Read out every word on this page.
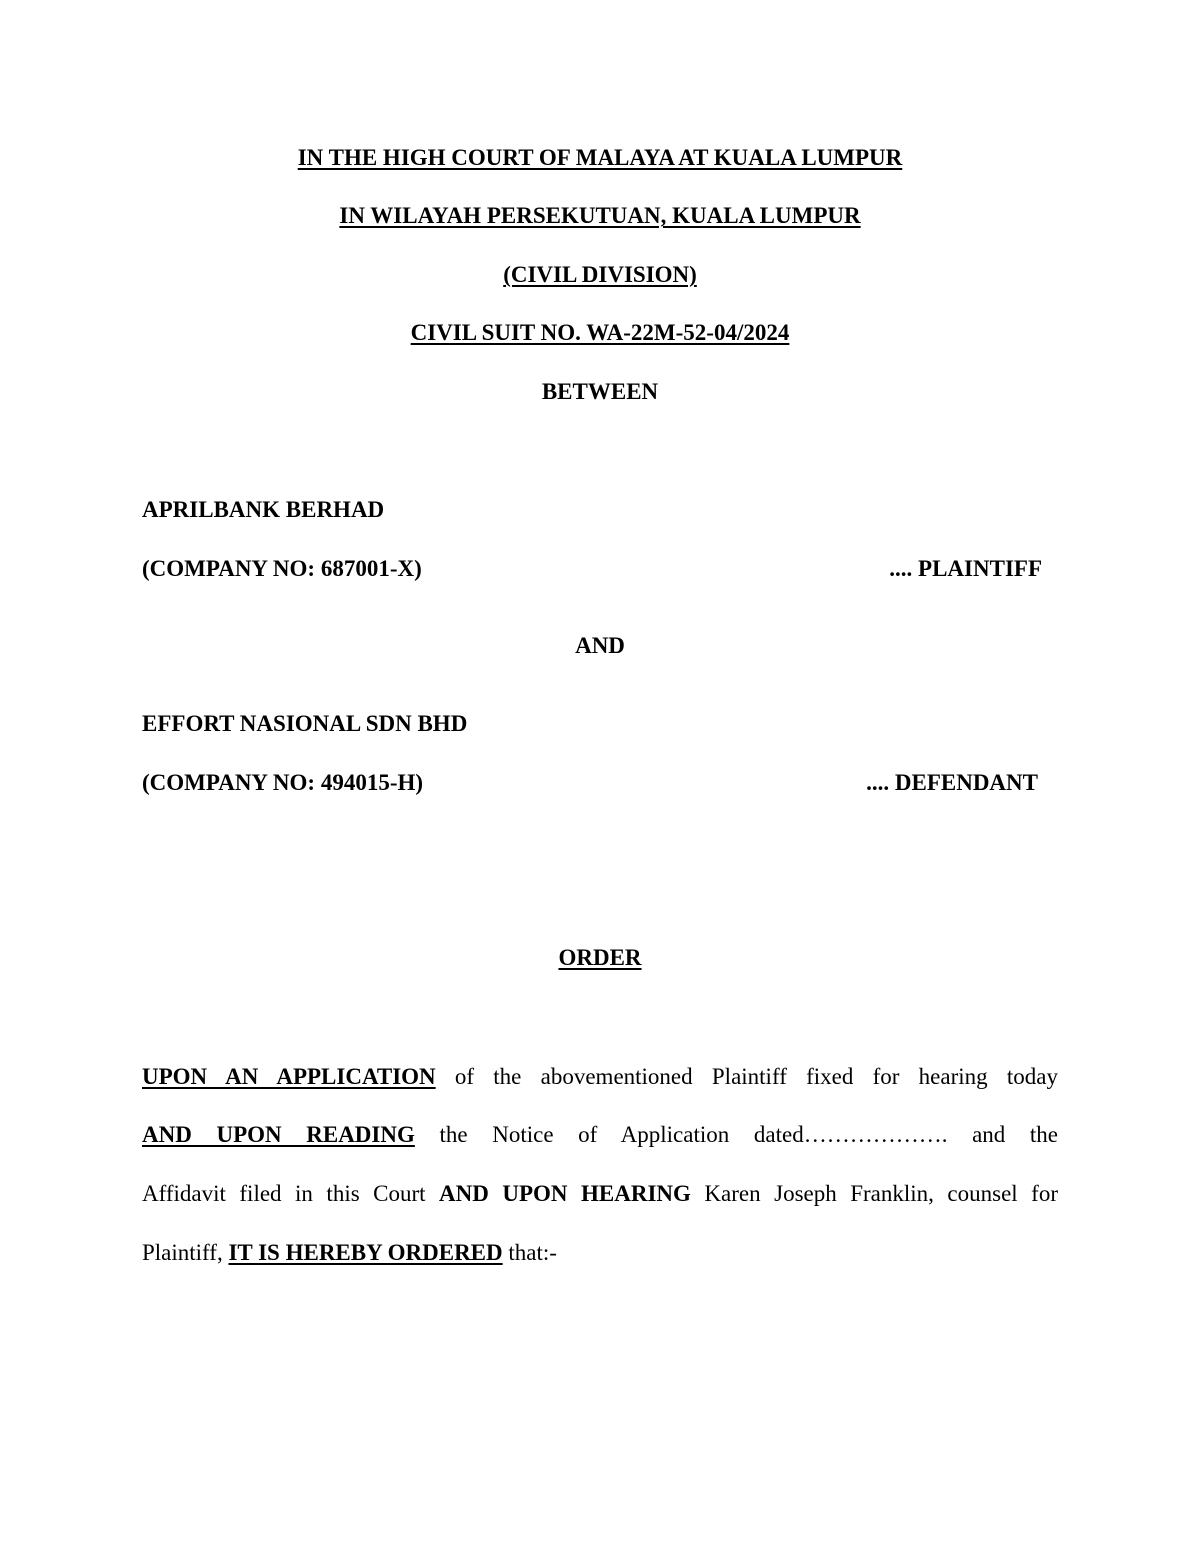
IN THE HIGH COURT OF MALAYA AT KUALA LUMPUR
IN WILAYAH PERSEKUTUAN, KUALA LUMPUR
(CIVIL DIVISION)
CIVIL SUIT NO. WA-22M-52-04/2024
BETWEEN
APRILBANK BERHAD
(COMPANY NO: 687001-X)	.... PLAINTIFF
AND
EFFORT NASIONAL SDN BHD
(COMPANY NO: 494015-H)	.... DEFENDANT
ORDER
UPON AN APPLICATION of the abovementioned Plaintiff fixed for hearing today
AND UPON READING the Notice of Application dated………………. and the
Affidavit filed in this Court AND UPON HEARING Karen Joseph Franklin, counsel for
Plaintiff, IT IS HEREBY ORDERED that:-
